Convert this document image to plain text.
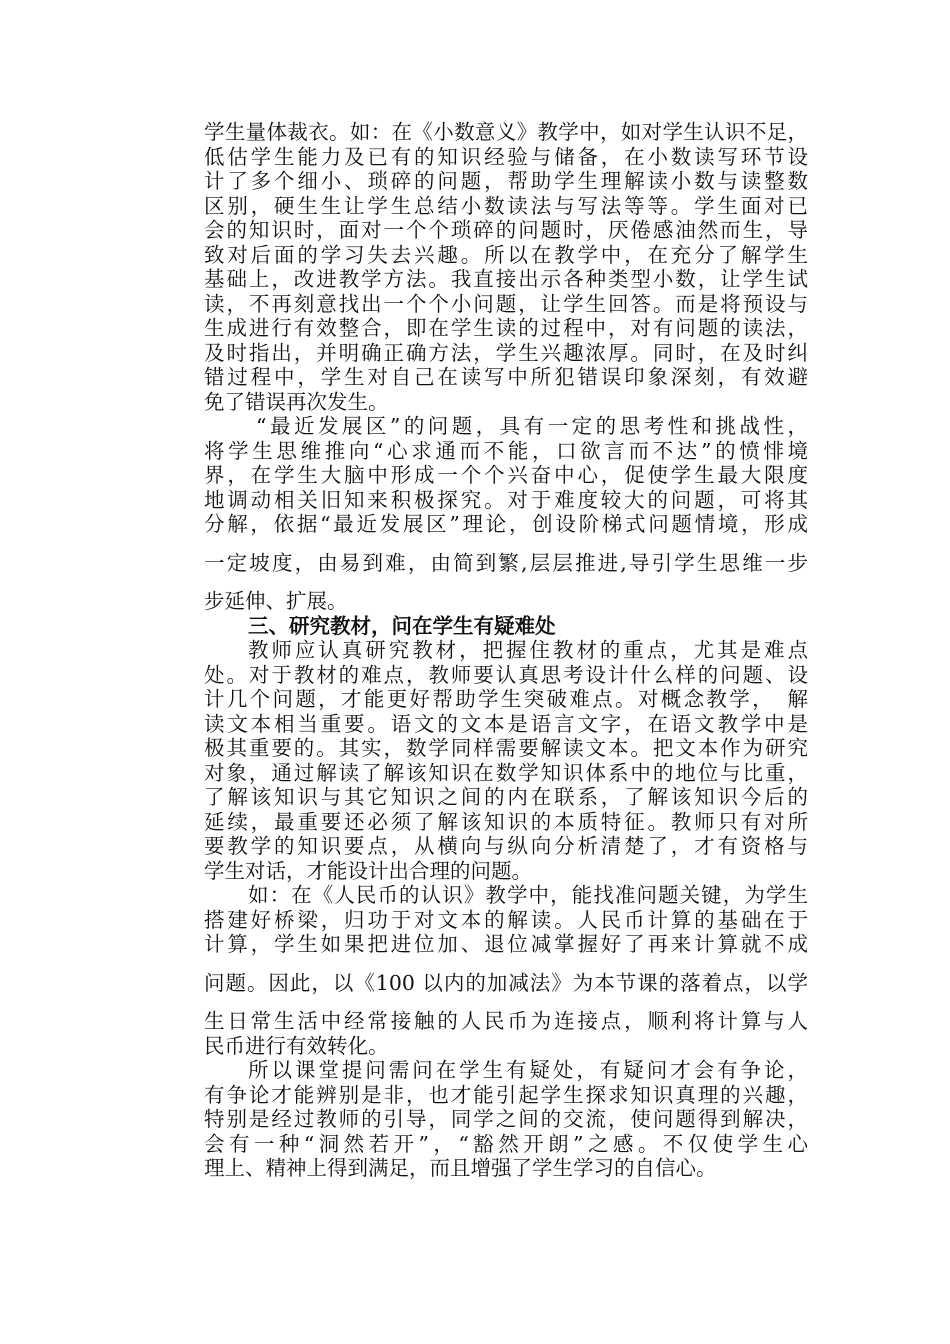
学生量体裁衣。如：在《小数意义》教学中，如对学生认识不足，
低估学生能力及已有的知识经验与储备，在小数读写环节设
计了多个细小、琐碎的问题，帮助学生理解读小数与读整数
区别，硬生生让学生总结小数读法与写法等等。学生面对已
会的知识时，面对一个个琐碎的问题时，厌倦感油然而生，导
致对后面的学习失去兴趣。所以在教学中，在充分了解学生
基础上，改进教学方法。我直接出示各种类型小数，让学生试
读，不再刻意找出一个个小问题，让学生回答。而是将预设与
生成进行有效整合，即在学生读的过程中，对有问题的读法，
及时指出，并明确正确方法，学生兴趣浓厚。同时，在及时纠
错过程中，学生对自己在读写中所犯错误印象深刻，有效避
免了错误再次发生。
“最近发展区”的问题，具有一定的思考性和挑战性，
将学生思维推向“心求通而不能，口欲言而不达”的愤悱境
界，在学生大脑中形成一个个兴奋中心，促使学生最大限度
地调动相关旧知来积极探究。对于难度较大的问题，可将其
分解，依据“最近发展区”理论，创设阶梯式问题情境，形成
一定坡度，由易到难，由简到繁,层层推进,导引学生思维一步
步延伸、扩展。
三、研究教材，问在学生有疑难处
教师应认真研究教材，把握住教材的重点，尤其是难点
处。对于教材的难点，教师要认真思考设计什么样的问题、设
计几个问题，才能更好帮助学生突破难点。对概念教学，　解
读文本相当重要。语文的文本是语言文字，在语文教学中是
极其重要的。其实，数学同样需要解读文本。把文本作为研究
对象，通过解读了解该知识在数学知识体系中的地位与比重，
了解该知识与其它知识之间的内在联系，了解该知识今后的
延续，最重要还必须了解该知识的本质特征。教师只有对所
要教学的知识要点，从横向与纵向分析清楚了，才有资格与
学生对话，才能设计出合理的问题。
如：在《人民币的认识》教学中，能找准问题关键，为学生
搭建好桥梁，归功于对文本的解读。人民币计算的基础在于
计算，学生如果把进位加、退位减掌握好了再来计算就不成
问题。因此，以《100 以内的加减法》为本节课的落着点，以学
生日常生活中经常接触的人民币为连接点，顺利将计算与人
民币进行有效转化。
所以课堂提问需问在学生有疑处，有疑问才会有争论，
有争论才能辨别是非，也才能引起学生探求知识真理的兴趣，
特别是经过教师的引导，同学之间的交流，使问题得到解决，
会有一种“洞然若开”，“豁然开朗”之感。不仅使学生心
理上、精神上得到满足，而且增强了学生学习的自信心。
